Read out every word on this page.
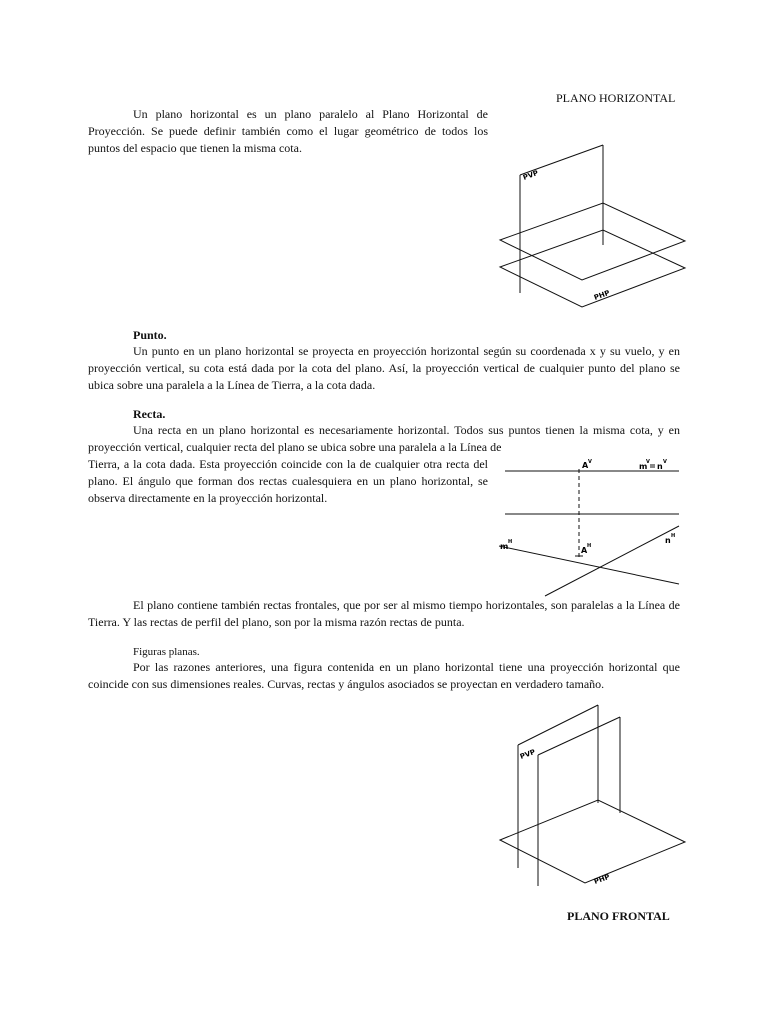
PLANO HORIZONTAL

Un plano horizontal es un plano paralelo al Plano Horizontal de Proyección. Se puede definir también como el lugar geométrico de todos los puntos del espacio que tienen la misma cota.

PVP
PHP
Punto.

Un punto en un plano horizontal se proyecta en proyección horizontal según su coordenada x y su vuelo, y en proyección vertical, su cota está dada por la cota del plano. Así, la proyección vertical de cualquier punto del plano se ubica sobre una paralela a la Línea de Tierra, a la cota dada.

Recta.

Una recta en un plano horizontal es necesariamente horizontal. Todos sus puntos tienen la misma cota, y en proyección vertical, cualquier recta del plano se ubica sobre una paralela a la Línea de

Tierra, a la cota dada. Esta proyección coincide con la de cualquier otra recta del plano. El ángulo que forman dos rectas cualesquiera en un plano horizontal, se observa directamente en la proyección horizontal.

A V	m
V n V
m H
A H
n H

El plano contiene también rectas frontales, que por ser al mismo tiempo horizontales, son paralelas a la Línea de Tierra. Y las rectas de perfil del plano, son por la misma razón rectas de punta.

Figuras planas.

Por las razones anteriores, una figura contenida en un plano horizontal tiene una proyección horizontal que coincide con sus dimensiones reales. Curvas, rectas y ángulos asociados se proyectan en verdadero tamaño.

PVP
PHP
PLANO FRONTAL
